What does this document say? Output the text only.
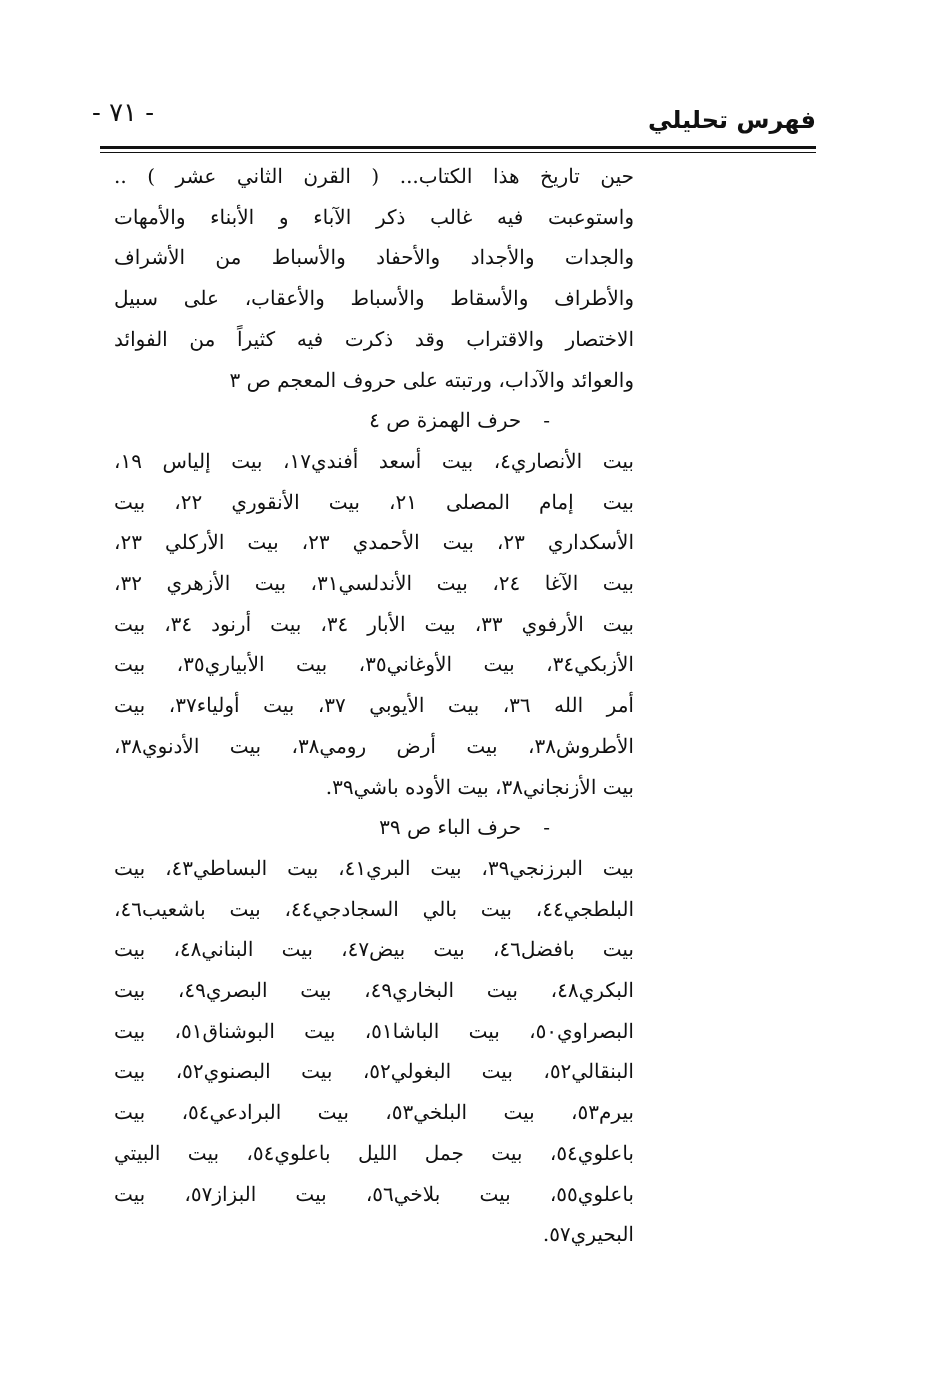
- ٧١ -	فهرس تحليلي
حين تاريخ هذا الكتاب... ( القرن الثاني عشر ) ..
واستوعبت فيه غالب ذكر الآباء و الأبناء والأمهات
والجدات والأجداد والأحفاد والأسباط من الأشراف
والأطراف والأسقاط والأسباط والأعقاب، على سبيل
الاختصار والاقتراب وقد ذكرت فيه كثيراً من الفوائد
والعوائد والآداب، ورتبته على حروف المعجم ص ٣
-حرف الهمزة ص ٤
بيت الأنصاري٤، بيت أسعد أفندي١٧، بيت إلياس ١٩،
بيت إمام المصلى ٢١، بيت الأنقوري ٢٢، بيت
الأسكداري ٢٣، بيت الأحمدي ٢٣، بيت الأركلي ٢٣،
بيت الآغا ٢٤، بيت الأندلسي٣١، بيت الأزهري ٣٢،
بيت الأرفوي ٣٣، بيت الأبار ٣٤، بيت أرنود ٣٤، بيت
الأزبكي٣٤، بيت الأوغاني٣٥، بيت الأبياري٣٥، بيت
أمر الله ٣٦، بيت الأيوبي ٣٧، بيت أولياء٣٧، بيت
الأطروش٣٨، بيت أرض رومي٣٨، بيت الأدنوي٣٨،
بيت الأزنجاني٣٨، بيت الأوده باشي٣٩.
-حرف الباء ص ٣٩
بيت البرزنجي٣٩، بيت البري٤١، بيت البساطي٤٣، بيت
البلطجي٤٤، بيت بالي السجادجي٤٤، بيت باشعيب٤٦،
بيت بافضل٤٦، بيت بيض٤٧، بيت البناني٤٨، بيت
البكري٤٨، بيت البخاري٤٩، بيت البصري٤٩، بيت
البصراوي٥٠، بيت الباشا٥١، بيت البوشناق٥١، بيت
البنقالي٥٢، بيت البغولي٥٢، بيت البصنوي٥٢، بيت
بيرم٥٣، بيت البلخي٥٣، بيت البرادعي٥٤، بيت
باعلوي٥٤، بيت جمل الليل باعلوي٥٤، بيت البيتي
باعلوي٥٥، بيت بلاخي٥٦، بيت البزاز٥٧، بيت
البحيري٥٧.
